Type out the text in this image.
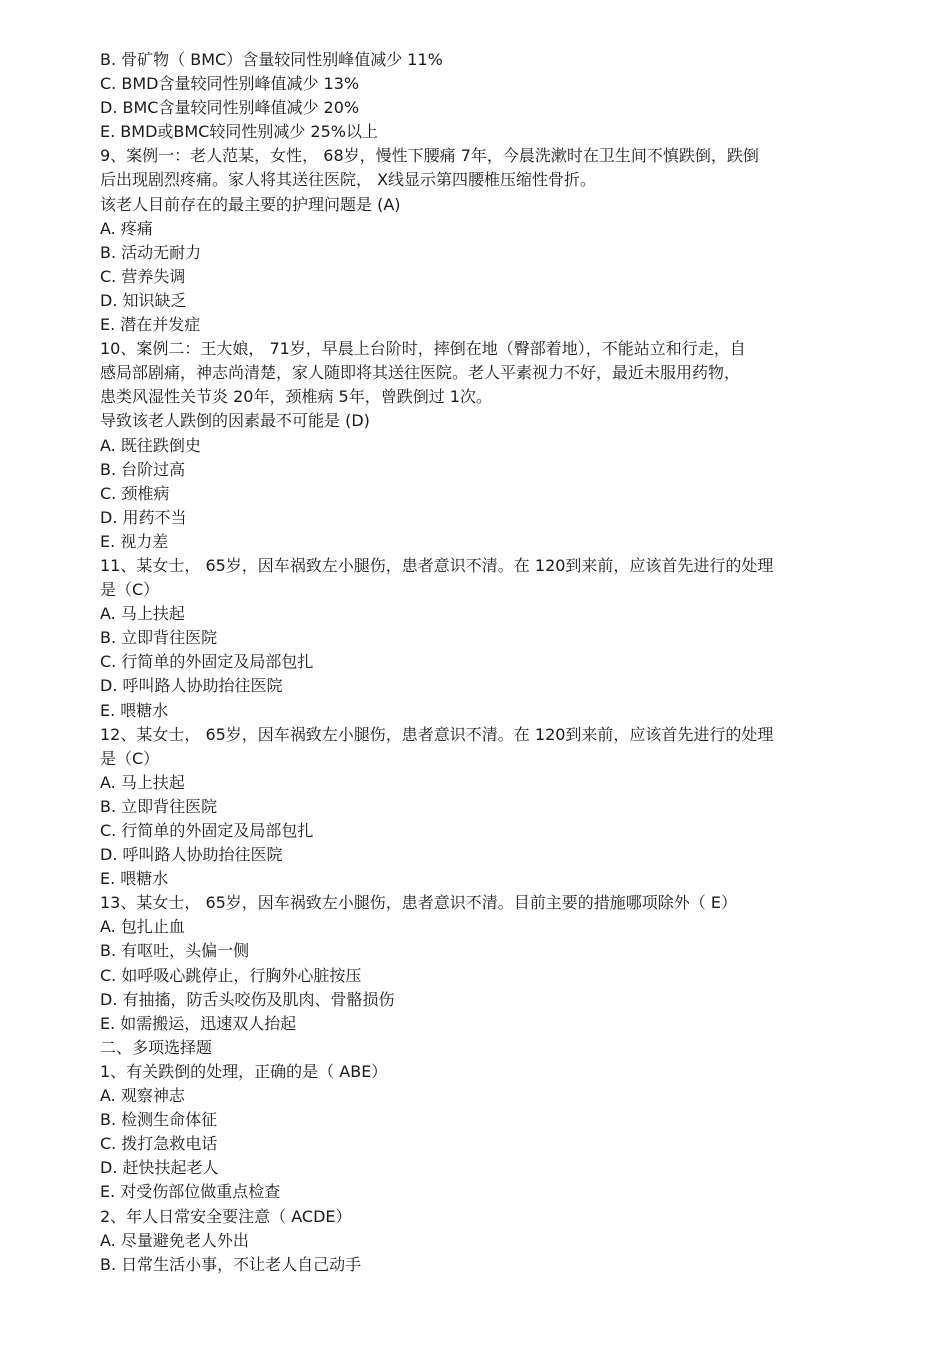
B. 骨矿物（ BMC）含量较同性别峰值减少 11%
C. BMD含量较同性别峰值减少 13%
D. BMC含量较同性别峰值减少 20%
E. BMD或BMC较同性别减少 25%以上
9、案例一：老人范某，女性， 68岁，慢性下腰痛 7年，今晨洗漱时在卫生间不慎跌倒，跌倒
后出现剧烈疼痛。家人将其送往医院， X线显示第四腰椎压缩性骨折。
该老人目前存在的最主要的护理问题是 (A)
A. 疼痛
B. 活动无耐力
C. 营养失调
D. 知识缺乏
E. 潜在并发症
10、案例二：王大娘， 71岁，早晨上台阶时，摔倒在地（臀部着地），不能站立和行走，自
感局部剧痛，神志尚清楚，家人随即将其送往医院。老人平素视力不好，最近未服用药物，
患类风湿性关节炎 20年，颈椎病 5年，曾跌倒过 1次。
导致该老人跌倒的因素最不可能是 (D)
A. 既往跌倒史
B. 台阶过高
C. 颈椎病
D. 用药不当
E. 视力差
11、某女士， 65岁，因车祸致左小腿伤，患者意识不清。在 120到来前，应该首先进行的处理
是（C）
A. 马上扶起
B. 立即背往医院
C. 行简单的外固定及局部包扎
D. 呼叫路人协助抬往医院
E. 喂糖水
12、某女士， 65岁，因车祸致左小腿伤，患者意识不清。在 120到来前，应该首先进行的处理
是（C）
A. 马上扶起
B. 立即背往医院
C. 行简单的外固定及局部包扎
D. 呼叫路人协助抬往医院
E. 喂糖水
13、某女士， 65岁，因车祸致左小腿伤，患者意识不清。目前主要的措施哪项除外（ E）
A. 包扎止血
B. 有呕吐，头偏一侧
C. 如呼吸心跳停止，行胸外心脏按压
D. 有抽搐，防舌头咬伤及肌肉、骨骼损伤
E. 如需搬运，迅速双人抬起
二、多项选择题
1、有关跌倒的处理，正确的是（ ABE）
A. 观察神志
B. 检测生命体征
C. 拨打急救电话
D. 赶快扶起老人
E. 对受伤部位做重点检查
2、年人日常安全要注意（ ACDE）
A. 尽量避免老人外出
B. 日常生活小事，不让老人自己动手
